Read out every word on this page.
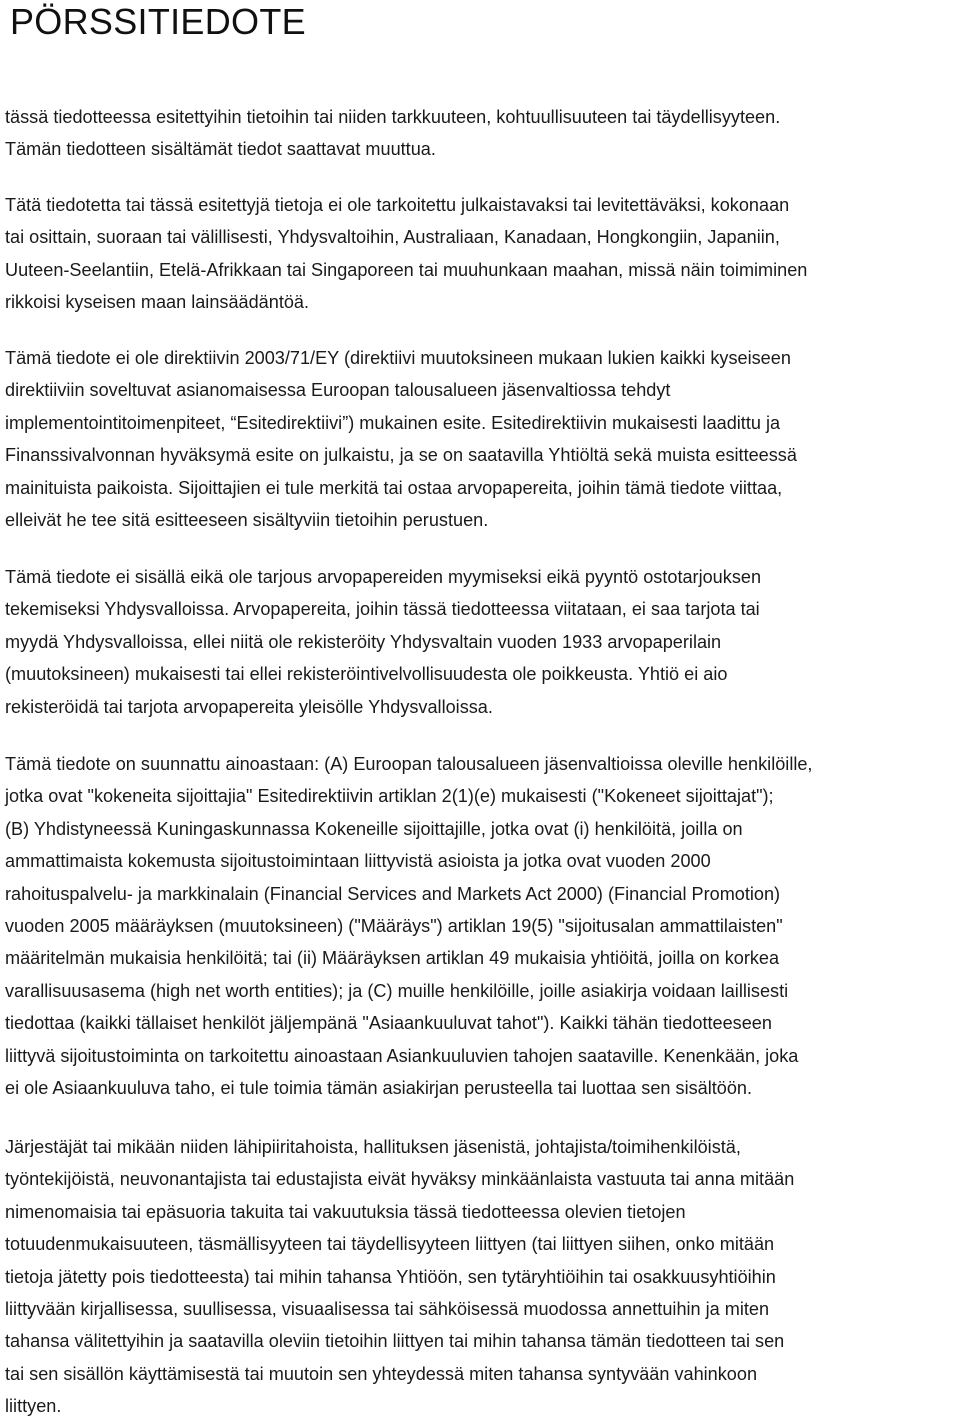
PÖRSSITIEDOTE

tässä tiedotteessa esitettyihin tietoihin tai niiden tarkkuuteen, kohtuullisuuteen tai täydellisyyteen.
Tämän tiedotteen sisältämät tiedot saattavat muuttua.

Tätä tiedotetta tai tässä esitettyjä tietoja ei ole tarkoitettu julkaistavaksi tai levitettäväksi, kokonaan
tai osittain, suoraan tai välillisesti, Yhdysvaltoihin, Australiaan, Kanadaan, Hongkongiin, Japaniin,
Uuteen-Seelantiin, Etelä-Afrikkaan tai Singaporeen tai muuhunkaan maahan, missä näin toimiminen
rikkoisi kyseisen maan lainsäädäntöä.

Tämä tiedote ei ole direktiivin 2003/71/EY (direktiivi muutoksineen mukaan lukien kaikki kyseiseen
direktiiviin soveltuvat asianomaisessa Euroopan talousalueen jäsenvaltiossa tehdyt
implementointitoimenpiteet, “Esitedirektiivi”) mukainen esite. Esitedirektiivin mukaisesti laadittu ja
Finanssivalvonnan hyväksymä esite on julkaistu, ja se on saatavilla Yhtiöltä sekä muista esitteessä
mainituista paikoista. Sijoittajien ei tule merkitä tai ostaa arvopapereita, joihin tämä tiedote viittaa,
elleivät he tee sitä esitteeseen sisältyviin tietoihin perustuen.

Tämä tiedote ei sisällä eikä ole tarjous arvopapereiden myymiseksi eikä pyyntö ostotarjouksen
tekemiseksi Yhdysvalloissa. Arvopapereita, joihin tässä tiedotteessa viitataan, ei saa tarjota tai
myydä Yhdysvalloissa, ellei niitä ole rekisteröity Yhdysvaltain vuoden 1933 arvopaperilain
(muutoksineen) mukaisesti tai ellei rekisteröintivelvollisuudesta ole poikkeusta. Yhtiö ei aio
rekisteröidä tai tarjota arvopapereita yleisölle Yhdysvalloissa.

Tämä tiedote on suunnattu ainoastaan: (A) Euroopan talousalueen jäsenvaltioissa oleville henkilöille,
jotka ovat "kokeneita sijoittajia" Esitedirektiivin artiklan 2(1)(e) mukaisesti ("Kokeneet sijoittajat");
(B) Yhdistyneessä Kuningaskunnassa Kokeneille sijoittajille, jotka ovat (i) henkilöitä, joilla on
ammattimaista kokemusta sijoitustoimintaan liittyvistä asioista ja jotka ovat vuoden 2000
rahoituspalvelu- ja markkinalain (Financial Services and Markets Act 2000) (Financial Promotion)
vuoden 2005 määräyksen (muutoksineen) ("Määräys") artiklan 19(5) "sijoitusalan ammattilaisten"
määritelmän mukaisia henkilöitä; tai (ii) Määräyksen artiklan 49 mukaisia yhtiöitä, joilla on korkea
varallisuusasema (high net worth entities); ja (C) muille henkilöille, joille asiakirja voidaan laillisesti
tiedottaa (kaikki tällaiset henkilöt jäljempänä "Asiaankuuluvat tahot"). Kaikki tähän tiedotteeseen
liittyvä sijoitustoiminta on tarkoitettu ainoastaan Asiankuuluvien tahojen saataville. Kenenkään, joka
ei ole Asiaankuuluva taho, ei tule toimia tämän asiakirjan perusteella tai luottaa sen sisältöön.

Järjestäjät tai mikään niiden lähipiiritahoista, hallituksen jäsenistä, johtajista/toimihenkilöistä,
työntekijöistä, neuvonantajista tai edustajista eivät hyväksy minkäänlaista vastuuta tai anna mitään
nimenomaisia tai epäsuoria takuita tai vakuutuksia tässä tiedotteessa olevien tietojen
totuudenmukaisuuteen, täsmällisyyteen tai täydellisyyteen liittyen (tai liittyen siihen, onko mitään
tietoja jätetty pois tiedotteesta) tai mihin tahansa Yhtiöön, sen tytäryhtiöihin tai osakkuusyhtiöihin
liittyvään kirjallisessa, suullisessa, visuaalisessa tai sähköisessä muodossa annettuihin ja miten
tahansa välitettyihin ja saatavilla oleviin tietoihin liittyen tai mihin tahansa tämän tiedotteen tai sen
tai sen sisällön käyttämisestä tai muutoin sen yhteydessä miten tahansa syntyvään vahinkoon
liittyen.
